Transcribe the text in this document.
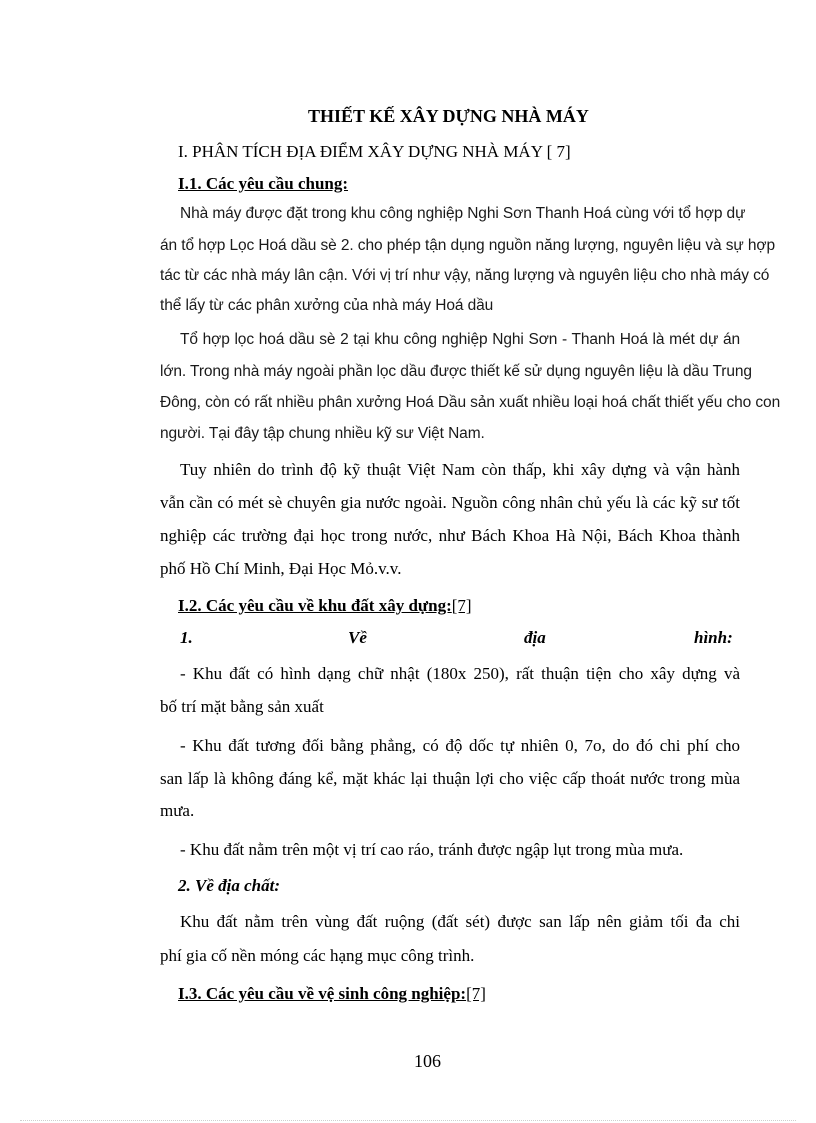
THIẾT KẾ XÂY DỰNG NHÀ MÁY
I. PHÂN TÍCH ĐỊA ĐIỂM XÂY DỰNG NHÀ MÁY [ 7]
I.1. Các yêu cầu chung:
Nhà máy được đặt trong khu công nghiệp Nghi Sơn Thanh Hoá cùng với tổ hợp dự
án tổ hợp Lọc Hoá dầu sè 2. cho phép tận dụng nguồn năng lượng, nguyên liệu và sự hợp
tác từ các nhà máy lân cận. Với vị trí như vậy, năng lượng và nguyên liệu cho nhà máy có
thể lấy từ các phân xưởng của nhà máy Hoá dầu
Tổ hợp lọc hoá dầu sè 2 tại khu công nghiệp Nghi Sơn - Thanh Hoá là mét dự án
lớn. Trong nhà máy ngoài phần lọc dầu được thiết kế sử dụng nguyên liệu là dầu Trung
Đông, còn có rất nhiều phân xưởng Hoá Dầu sản xuất nhiều loại hoá chất thiết yếu cho con
người. Tại đây tập chung nhiều kỹ sư Việt Nam.
Tuy nhiên do trình độ kỹ thuật Việt Nam còn thấp, khi xây dựng và vận hành
vẫn cần có mét sè chuyên gia nước ngoài. Nguồn công nhân chủ yếu là các kỹ sư tốt
nghiệp các trường đại học trong nước, như Bách Khoa Hà Nội, Bách Khoa thành
phố Hồ Chí Minh, Đại Học Mỏ.v.v.
I.2. Các yêu cầu về khu đất xây dựng:[7]
1.	Về	địa	hình:
- Khu đất có hình dạng chữ nhật (180x 250), rất thuận tiện cho xây dựng và
bố trí mặt bằng sản xuất
- Khu đất tương đối bằng phẳng, có độ dốc tự nhiên 0, 7o, do đó chi phí cho
san lấp là không đáng kể, mặt khác lại thuận lợi cho việc cấp thoát nước trong mùa
mưa.
- Khu đất nằm trên một vị trí cao ráo, tránh được ngập lụt trong mùa mưa.
2. Về địa chất:
Khu đất nằm trên vùng đất ruộng (đất sét) được san lấp nên giảm tối đa chi
phí gia cố nền móng các hạng mục công trình.
I.3. Các yêu cầu về vệ sinh công nghiệp:[7]
106
